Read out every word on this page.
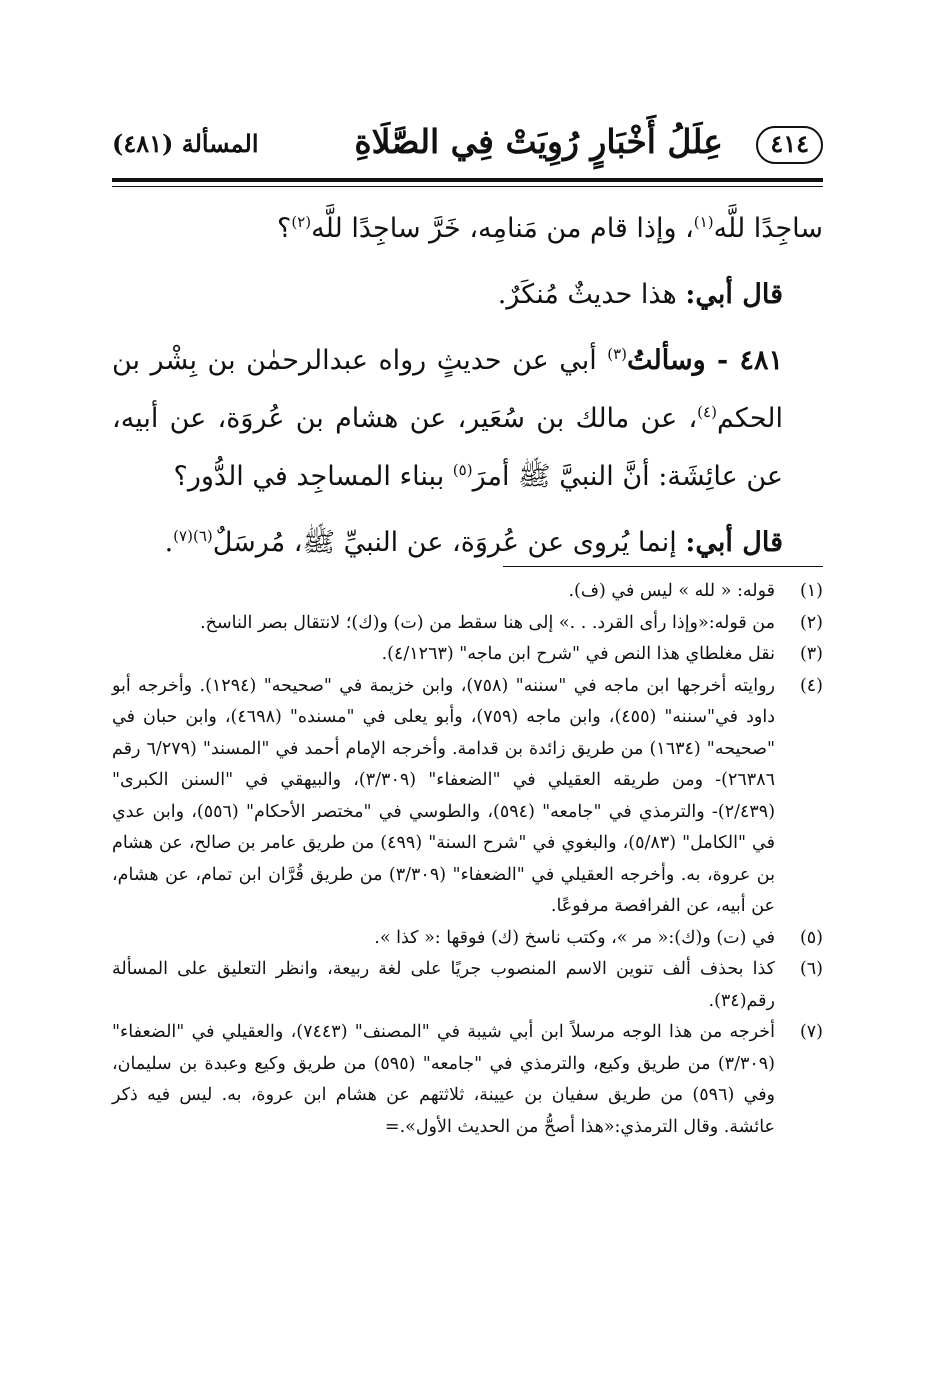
٤١٤
عِلَلُ أَخْبَارٍ رُوِيَتْ فِي الصَّلَاةِ
المسألة (٤٨١)

ساجِدًا للَّه$^{(١)}$، وإذا قام من مَنامِه، خَرَّ ساجِدًا للَّه$^{(٢)}$؟

قال أبي: هذا حديثٌ مُنكَرٌ.

٤٨١ - وسألتُ$^{(٣)}$ أبي عن حديثٍ رواه عبدالرحمٰن بن بِشْر بن الحكم$^{(٤)}$، عن مالك بن سُعَير، عن هشام بن عُروَة، عن أبيه، عن عائِشَة: أنَّ النبيَّ ﷺ أمرَ$^{(٥)}$ ببناء المساجِد في الدُّور؟

قال أبي: إنما يُروى عن عُروَة، عن النبيِّ ﷺ، مُرسَلٌ$^{(٦)(٧)}$.

(١)
قوله: « لله » ليس في (ف).
(٢)
من قوله:«وإذا رأى القرد. . .» إلى هنا سقط من (ت) و(ك)؛ لانتقال بصر الناسخ.
(٣)
نقل مغلطاي هذا النص في "شرح ابن ماجه" (٤/١٢٦٣).
(٤)
روايته أخرجها ابن ماجه في "سننه" (٧٥٨)، وابن خزيمة في "صحيحه" (١٢٩٤). وأخرجه أبو داود في"سننه" (٤٥٥)، وابن ماجه (٧٥٩)، وأبو يعلى في "مسنده" (٤٦٩٨)، وابن حبان في "صحيحه" (١٦٣٤) من طريق زائدة بن قدامة. وأخرجه الإمام أحمد في "المسند" (٦/٢٧٩ رقم ٢٦٣٨٦)- ومن طريقه العقيلي في "الضعفاء" (٣/٣٠٩)، والبيهقي في "السنن الكبرى" (٢/٤٣٩)- والترمذي في "جامعه" (٥٩٤)، والطوسي في "مختصر الأحكام" (٥٥٦)، وابن عدي في "الكامل" (٥/٨٣)، والبغوي في "شرح السنة" (٤٩٩) من طريق عامر بن صالح، عن هشام بن عروة، به. وأخرجه العقيلي في "الضعفاء" (٣/٣٠٩) من طريق قُرَّان ابن تمام، عن هشام، عن أبيه، عن الفرافصة مرفوعًا.
(٥)
في (ت) و(ك):« مر »، وكتب ناسخ (ك) فوقها :« كذا ».
(٦)
كذا بحذف ألف تنوين الاسم المنصوب جريًا على لغة ربيعة، وانظر التعليق على المسألة رقم(٣٤).
(٧)
أخرجه من هذا الوجه مرسلاً ابن أبي شيبة في "المصنف" (٧٤٤٣)، والعقيلي في "الضعفاء" (٣/٣٠٩) من طريق وكيع، والترمذي في "جامعه" (٥٩٥) من طريق وكيع وعبدة بن سليمان، وفي (٥٩٦) من طريق سفيان بن عيينة، ثلاثتهم عن هشام ابن عروة، به. ليس فيه ذكر عائشة. وقال الترمذي:«هذا أصحُّ من الحديث الأول».=
